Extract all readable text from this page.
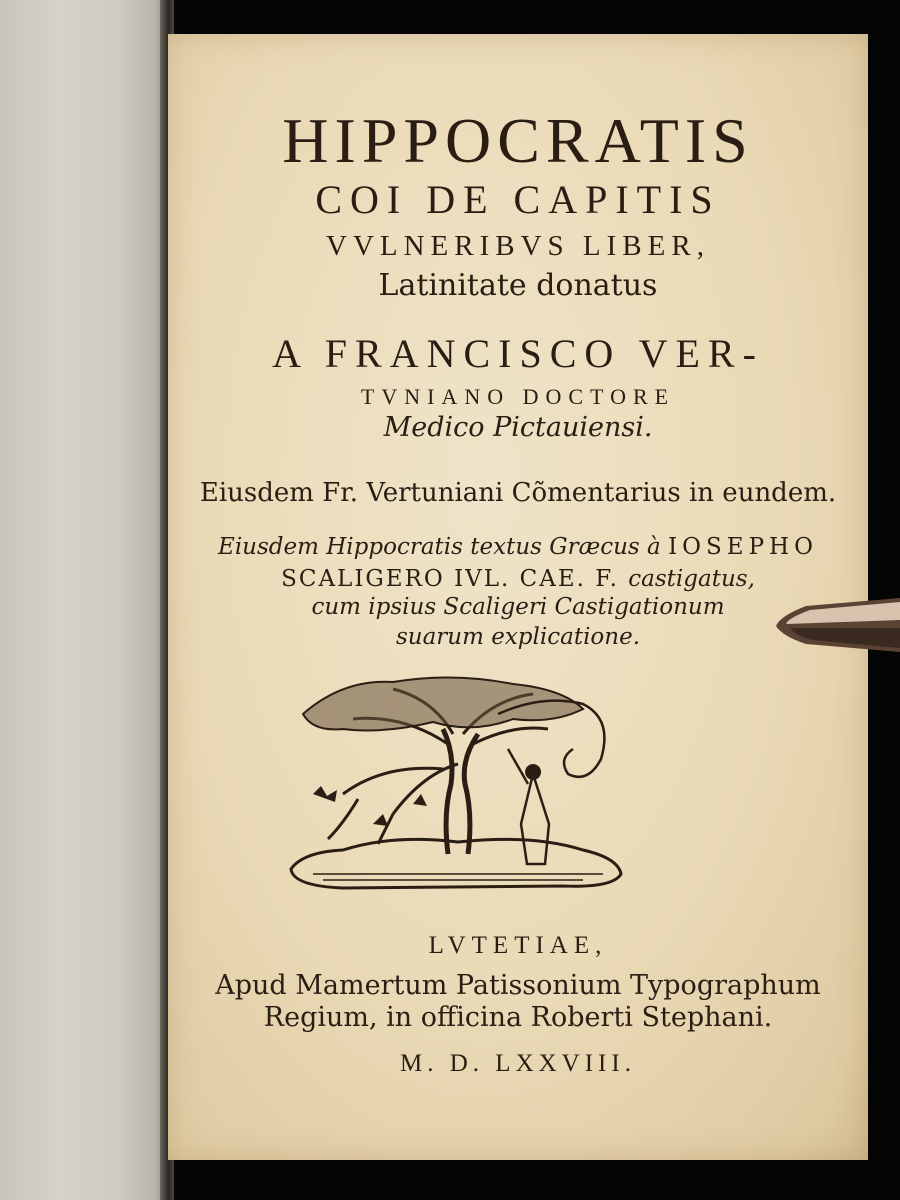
HIPPOCRATIS
COI DE CAPITIS
VVLNERIBVS LIBER,
Latinitate donatus
A FRANCISCO VER-
TVNIANO DOCTORE
Medico Pictauiensi.
Eiusdem Fr. Vertuniani Cõmentarius in eundem.
Eiusdem Hippocratis textus Græcus à IOSEPHO
SCALIGERO IVL. CAE. F. castigatus,
cum ipsius Scaligeri Castigationum
suarum explicatione.
LVTETIAE,
Apud Mamertum Patissonium Typographum
Regium, in officina Roberti Stephani.
M. D. LXXVIII.
